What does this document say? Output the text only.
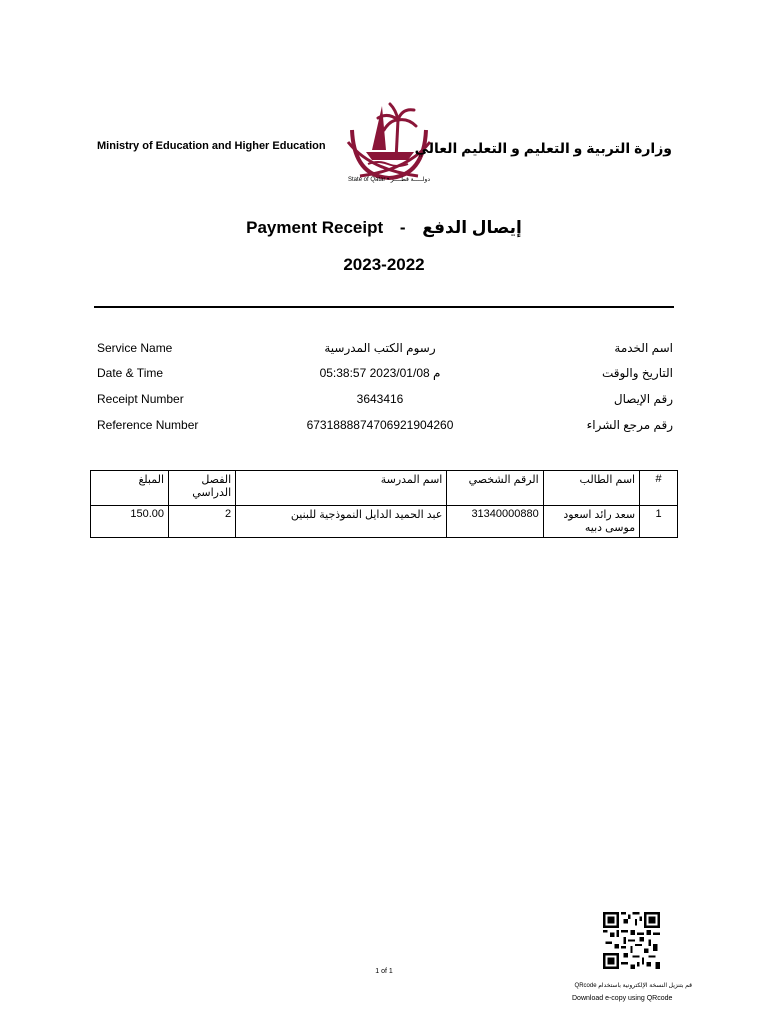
Ministry of Education and Higher Education
State of Qatar • دولـــــة قطــــر
وزارة التربية و التعليم و التعليم العالي
Payment Receipt - إيصال الدفع
2023-2022
Service Name	رسوم الكتب المدرسية	اسم الخدمة
Date & Time	05:38:57 2023/01/08 م	التاريخ والوقت
Receipt Number	3643416	رقم الإيصال
Reference Number	673188887470692190426​0	رقم مرجع الشراء
#	اسم الطالب	الرقم الشخصي	اسم المدرسة	الفصل الدراسي	المبلغ
1	سعد رائد اسعود موسى دبيه	31340000880	عبد الحميد الدايل النموذجية للبنين	2	150.00
1 of 1
قم بتنزيل النسخة الإلكترونية باستخدام QRcode
Download e-copy using QRcode
